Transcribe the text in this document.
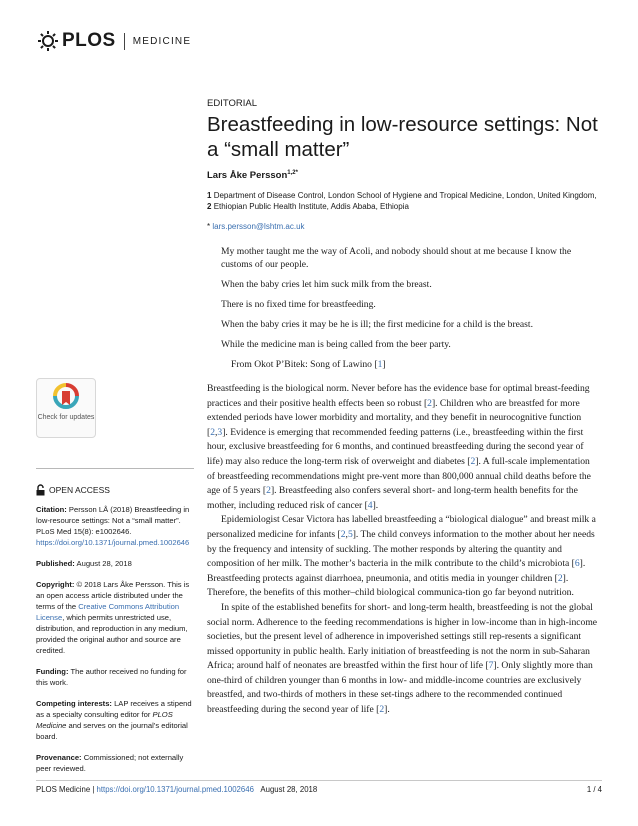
PLOS MEDICINE
EDITORIAL
Breastfeeding in low-resource settings: Not a “small matter”
Lars Åke Persson$^{1,2*}$
1 Department of Disease Control, London School of Hygiene and Tropical Medicine, London, United Kingdom, 2 Ethiopian Public Health Institute, Addis Ababa, Ethiopia
* lars.persson@lshtm.ac.uk

My mother taught me the way of Acoli, and nobody should shout at me because I know the customs of our people.

When the baby cries let him suck milk from the breast.

There is no fixed time for breastfeeding.

When the baby cries it may be he is ill; the first medicine for a child is the breast.

While the medicine man is being called from the beer party.

From Okot P’Bitek: Song of Lawino [1]

Breastfeeding is the biological norm. Never before has the evidence base for optimal breast-feeding practices and their positive health effects been so robust [2]. Children who are breastfed for more extended periods have lower morbidity and mortality, and they benefit in neurocognitive function [2,3]. Evidence is emerging that recommended feeding patterns (i.e., breastfeeding within the first hour, exclusive breastfeeding for 6 months, and continued breastfeeding during the second year of life) may also reduce the long-term risk of overweight and diabetes [2]. A full-scale implementation of breastfeeding recommendations might pre-vent more than 800,000 annual child deaths before the age of 5 years [2]. Breastfeeding also confers several short- and long-term health benefits for the mother, including reduced risk of cancer [4].

Epidemiologist Cesar Victora has labelled breastfeeding a “biological dialogue” and breast milk a personalized medicine for infants [2,5]. The child conveys information to the mother about her needs by the frequency and intensity of suckling. The mother responds by altering the quantity and composition of her milk. The mother’s bacteria in the milk contribute to the child’s microbiota [6]. Breastfeeding protects against diarrhoea, pneumonia, and otitis media in younger children [2]. Therefore, the benefits of this mother–child biological communica-tion go far beyond nutrition.

In spite of the established benefits for short- and long-term health, breastfeeding is not the global social norm. Adherence to the feeding recommendations is higher in low-income than in high-income societies, but the present level of adherence in impoverished settings still rep-resents a significant missed opportunity in public health. Early initiation of breastfeeding is not the norm in sub-Saharan Africa; around half of neonates are breastfed within the first hour of life [7]. Only slightly more than one-third of children younger than 6 months in low- and middle-income countries are exclusively breastfed, and two-thirds of mothers in these set-tings adhere to the recommended continued breastfeeding during the second year of life [2].

Check for updates
OPEN ACCESS
Citation: Persson LÅ (2018) Breastfeeding in low-resource settings: Not a “small matter”. PLoS Med 15(8): e1002646. https://doi.org/10.1371/journal.pmed.1002646
Published: August 28, 2018
Copyright: © 2018 Lars Åke Persson. This is an open access article distributed under the terms of the Creative Commons Attribution License, which permits unrestricted use, distribution, and reproduction in any medium, provided the original author and source are credited.
Funding: The author received no funding for this work.
Competing interests: LAP receives a stipend as a specialty consulting editor for PLOS Medicine and serves on the journal’s editorial board.
Provenance: Commissioned; not externally peer reviewed.
PLOS Medicine | https://doi.org/10.1371/journal.pmed.1002646 August 28, 2018	1 / 4
